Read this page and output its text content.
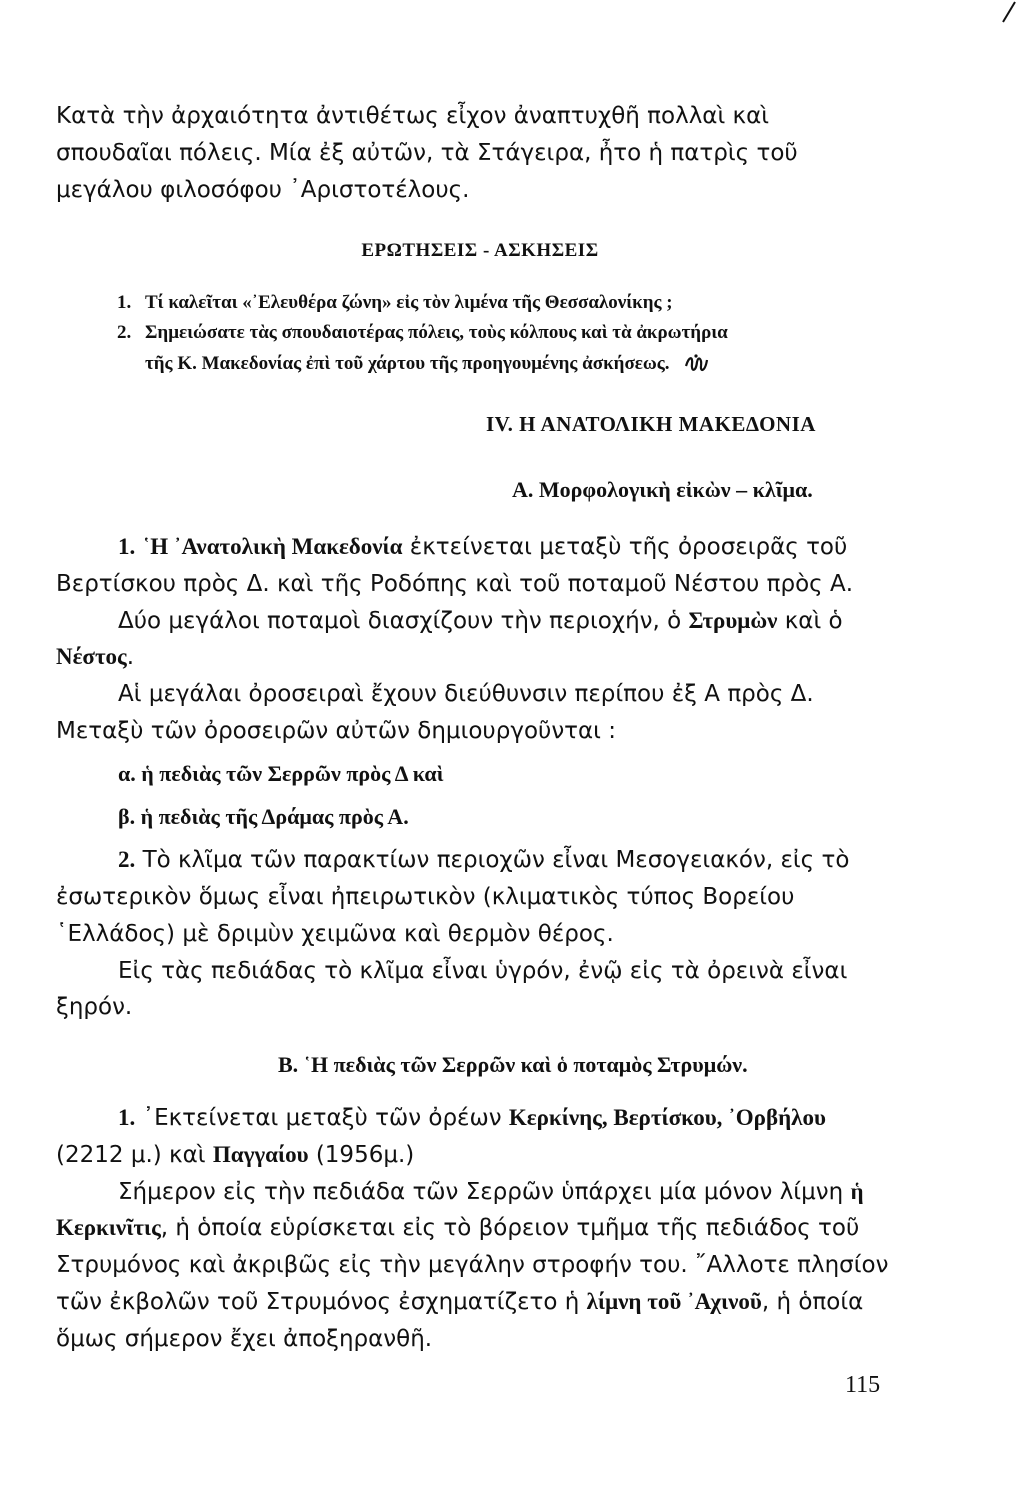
Κατὰ τὴν ἀρχαιότητα ἀντιθέτως εἶχον ἀναπτυχθῆ πολλαὶ καὶ

σπουδαῖαι πόλεις. Μία ἐξ αὐτῶν, τὰ Στάγειρα, ἦτο ἡ πατρὶς τοῦ

μεγάλου φιλοσόφου ᾿Αριστοτέλους.

ΕΡΩΤΗΣΕΙΣ - ΑΣΚΗΣΕΙΣ
1. Τί καλεῖται «᾿Ελευθέρα ζώνη» εἰς τὸν λιμένα τῆς Θεσσαλονίκης ;
2. Σημειώσατε τὰς σπουδαιοτέρας πόλεις, τοὺς κόλπους καὶ τὰ ἀκρωτήρια
τῆς Κ. Μακεδονίας ἐπὶ τοῦ χάρτου τῆς προηγουμένης ἀσκήσεως.
IV. Η ΑΝΑΤΟΛΙΚΗ ΜΑΚΕΔΟΝΙΑ
Α. Μορφολογικὴ εἰκὼν – κλῖμα.

1. ῾Η ᾿Ανατολικὴ Μακεδονία ἐκτείνεται μεταξὺ τῆς ὀροσειρᾶς τοῦ Βερτίσκου πρὸς Δ. καὶ τῆς Ροδόπης καὶ τοῦ ποταμοῦ Νέστου πρὸς Α.

Δύο μεγάλοι ποταμοὶ διασχίζουν τὴν περιοχήν, ὁ Στρυμὼν καὶ ὁ Νέστος.

Αἱ μεγάλαι ὀροσειραὶ ἔχουν διεύθυνσιν περίπου ἐξ Α πρὸς Δ. Μεταξὺ τῶν ὀροσειρῶν αὐτῶν δημιουργοῦνται :

α. ἡ πεδιὰς τῶν Σερρῶν πρὸς Δ καὶ
β. ἡ πεδιὰς τῆς Δράμας πρὸς Α.

2. Τὸ κλῖμα τῶν παρακτίων περιοχῶν εἶναι Μεσογειακόν, εἰς τὸ ἐσωτερικὸν ὅμως εἶναι ἠπειρωτικὸν (κλιματικὸς τύπος Βορείου ῾Ελλάδος) μὲ δριμὺν χειμῶνα καὶ θερμὸν θέρος.

Εἰς τὰς πεδιάδας τὸ κλῖμα εἶναι ὑγρόν, ἐνῷ εἰς τὰ ὀρεινὰ εἶναι ξηρόν.

Β. ῾Η πεδιὰς τῶν Σερρῶν καὶ ὁ ποταμὸς Στρυμών.

1. ᾿Εκτείνεται μεταξὺ τῶν ὀρέων Κερκίνης, Βερτίσκου, ᾿Ορβήλου (2212 μ.) καὶ Παγγαίου (1956μ.)

Σήμερον εἰς τὴν πεδιάδα τῶν Σερρῶν ὑπάρχει μία μόνον λίμνη ἡ Κερκινῖτις, ἡ ὁποία εὑρίσκεται εἰς τὸ βόρειον τμῆμα τῆς πεδιάδος τοῦ Στρυμόνος καὶ ἀκριβῶς εἰς τὴν μεγάλην στροφήν του. ῎Αλλοτε πλησίον τῶν ἐκβολῶν τοῦ Στρυμόνος ἐσχηματίζετο ἡ λίμνη τοῦ ᾿Αχινοῦ, ἡ ὁποία ὅμως σήμερον ἔχει ἀποξηρανθῆ.

115
